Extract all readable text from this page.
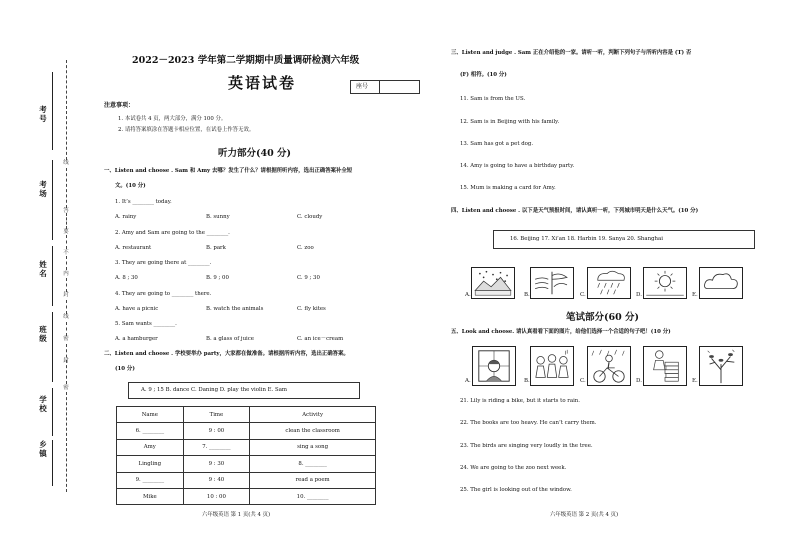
考号
考场
姓名
班级
学校
乡镇
线
答
要
不
内
封
线
密
封
密
2022－2023 学年第二学期期中质量调研检测六年级
英语试卷	座号
注意事项：
1. 本试卷共 4 页，两大部分，满分 100 分。
2. 请将答案填涂在答题卡相应位置，在试卷上作答无效。
听力部分(40 分)
一、Listen and choose . Sam 和 Amy 去哪？发生了什么？请根据所听内容，选出正确答案补全短
文。(10 分)
1. It’s ________ today.
A. rainy	B. sunny	C. cloudy
2. Amy and Sam are going to the ________.
A. restaurant	B. park	C. zoo
3. They are going there at ________.
A. 8 ; 30	B. 9 ; 00	C. 9 ; 30
4. They are going to ________ there.
A. have a picnic	B. watch the animals	C. fly kites
5. Sam wants ________.
A. a hamburger	B. a glass of juice	C. an ice－cream
二、Listen and choose . 学校要举办 party，大家都在做准备。请根据所听内容，选出正确答案。
(10 分)
A. 9 ; 15 B. dance C. Daning D. play the violin E. Sam
Name	Time	Activity
6. ________	9 : 00	clean the classroom
Amy	7. ________	sing a song
Lingling	9 : 30	8. ________
9. ________	9 : 40	read a poem
Mike	10 : 00	10. ________
六年级英语 第 1 页(共 4 页)
三、Listen and judge . Sam 正在介绍他的一家。请听一听，判断下列句子与所听内容是 (T) 否
(F) 相符。(10 分)
11. Sam is from the US.
12. Sam is in Beijing with his family.
13. Sam has got a pet dog.
14. Amy is going to have a birthday party.
15. Mum is making a card for Amy.
四、Listen and choose . 以下是天气预报时间，请认真听一听，下列城市明天是什么天气。(10 分)
16. Beijing 17. Xi’an 18. Harbin 19. Sanya 20. Shanghai
A.	B.	C.	D.	E.
笔试部分(60 分)
五、Look and choose. 请认真看看下面的图片，给他们选择一个合适的句子吧！(10 分)
A.	B.	C.	D.	E.
21. Lily is riding a bike, but it starts to rain.
22. The books are too heavy. He can’t carry them.
23. The birds are singing very loudly in the tree.
24. We are going to the zoo next week.
25. The girl is looking out of the window.
六年级英语 第 2 页(共 4 页)
